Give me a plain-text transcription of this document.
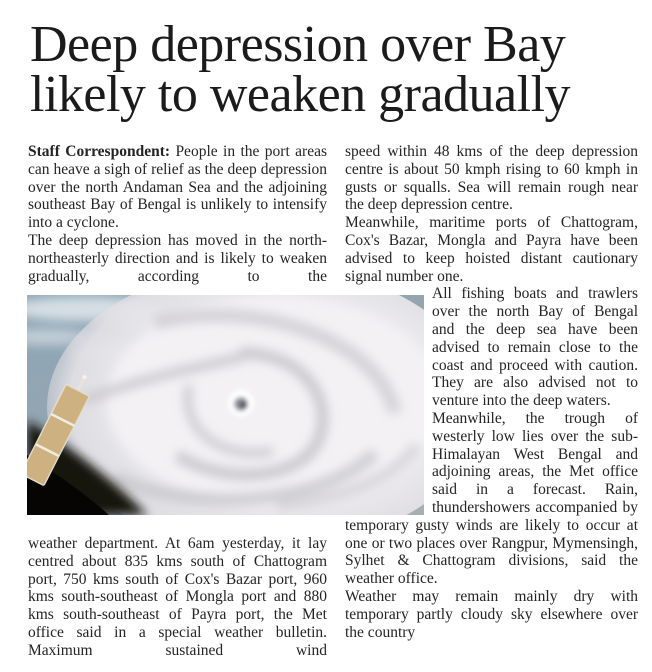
Deep depression over Bay
likely to weaken gradually

Staff Correspondent: People in the port areas can heave a sigh of relief as the deep depression over the north Andaman Sea and the adjoining southeast Bay of Bengal is unlikely to intensify into a cyclone.

The deep depression has moved in the north-northeasterly direction and is likely to weaken gradually, according to the

weather department. At 6am yesterday, it lay centred about 835 kms south of Chattogram port, 750 kms south of Cox's Bazar port, 960 kms south-southeast of Mongla port and 880 kms south-southeast of Payra port, the Met office said in a special weather bulletin. Maximum sustained wind

speed within 48 kms of the deep depression centre is about 50 kmph rising to 60 kmph in gusts or squalls. Sea will remain rough near the deep depression centre.

Meanwhile, maritime ports of Chattogram, Cox's Bazar, Mongla and Payra have been advised to keep hoisted distant cautionary signal number one.

All fishing boats and trawlers over the north Bay of Bengal and the deep sea have been advised to remain close to the coast and proceed with caution. They are also advised not to venture into the deep waters.

Meanwhile, the trough of westerly low lies over the sub-Himalayan West Bengal and adjoining areas, the Met office said in a forecast. Rain, thundershowers accompanied by temporary gusty winds are likely to occur at one or two places over Rangpur, Mymensingh, Sylhet & Chattogram divisions, said the weather office.

Weather may remain mainly dry with temporary partly cloudy sky elsewhere over the country
